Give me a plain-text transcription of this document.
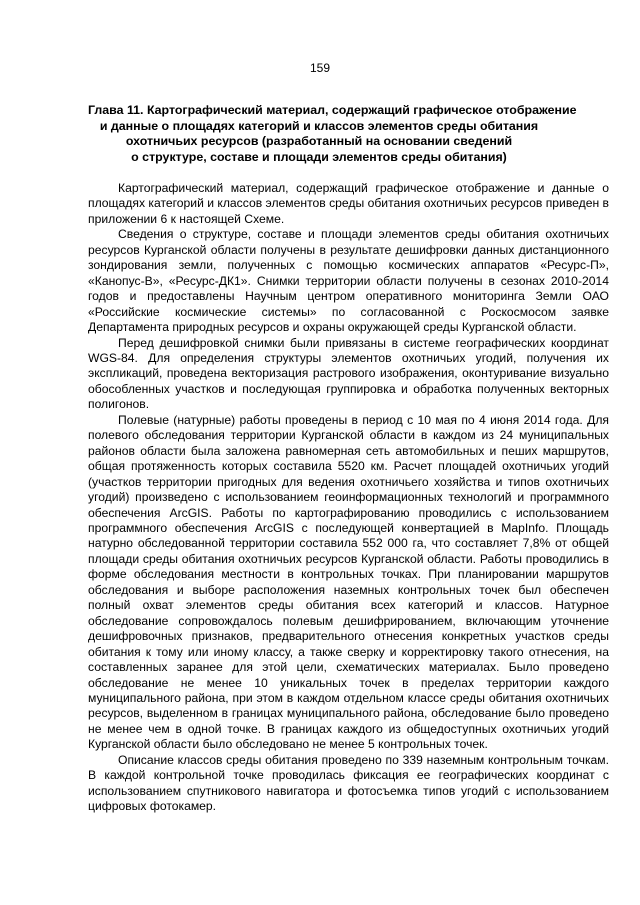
159
Глава 11. Картографический материал, содержащий графическое отображение
и данные о площадях категорий и классов элементов среды обитания
охотничьих ресурсов (разработанный на основании сведений
о структуре, составе и площади элементов среды обитания)

Картографический материал, содержащий графическое отображение и данные о площадях категорий и классов элементов среды обитания охотничьих ресурсов приведен в приложении 6 к настоящей Схеме.

Сведения о структуре, составе и площади элементов среды обитания охотничьих ресурсов Курганской области получены в результате дешифровки данных дистанционного зондирования земли, полученных с помощью космических аппаратов «Ресурс-П», «Канопус-В», «Ресурс-ДК1». Снимки территории области получены в сезонах 2010-2014 годов и предоставлены Научным центром оперативного мониторинга Земли ОАО «Российские космические системы» по согласованной с Роскосмосом заявке Департамента природных ресурсов и охраны окружающей среды Курганской области.

Перед дешифровкой снимки были привязаны в системе географических координат WGS-84. Для определения структуры элементов охотничьих угодий, получения их экспликаций, проведена векторизация растрового изображения, оконтуривание визуально обособленных участков и последующая группировка и обработка полученных векторных полигонов.

Полевые (натурные) работы проведены в период с 10 мая по 4 июня 2014 года. Для полевого обследования территории Курганской области в каждом из 24 муниципальных районов области была заложена равномерная сеть автомобильных и пеших маршрутов, общая протяженность которых составила 5520 км. Расчет площадей охотничьих угодий (участков территории пригодных для ведения охотничьего хозяйства и типов охотничьих угодий) произведено с использованием геоинформационных технологий и программного обеспечения ArcGIS. Работы по картографированию проводились с использованием программного обеспечения ArcGIS с последующей конвертацией в MapInfo. Площадь натурно обследованной территории составила 552 000 га, что составляет 7,8% от общей площади среды обитания охотничьих ресурсов Курганской области. Работы проводились в форме обследования местности в контрольных точках. При планировании маршрутов обследования и выборе расположения наземных контрольных точек был обеспечен полный охват элементов среды обитания всех категорий и классов. Натурное обследование сопровождалось полевым дешифрированием, включающим уточнение дешифровочных признаков, предварительного отнесения конкретных участков среды обитания к тому или иному классу, а также сверку и корректировку такого отнесения, на составленных заранее для этой цели, схематических материалах. Было проведено обследование не менее 10 уникальных точек в пределах территории каждого муниципального района, при этом в каждом отдельном классе среды обитания охотничьих ресурсов, выделенном в границах муниципального района, обследование было проведено не менее чем в одной точке. В границах каждого из общедоступных охотничьих угодий Курганской области было обследовано не менее 5 контрольных точек.

Описание классов среды обитания проведено по 339 наземным контрольным точкам. В каждой контрольной точке проводилась фиксация ее географических координат с использованием спутникового навигатора и фотосъемка типов угодий с использованием цифровых фотокамер.
